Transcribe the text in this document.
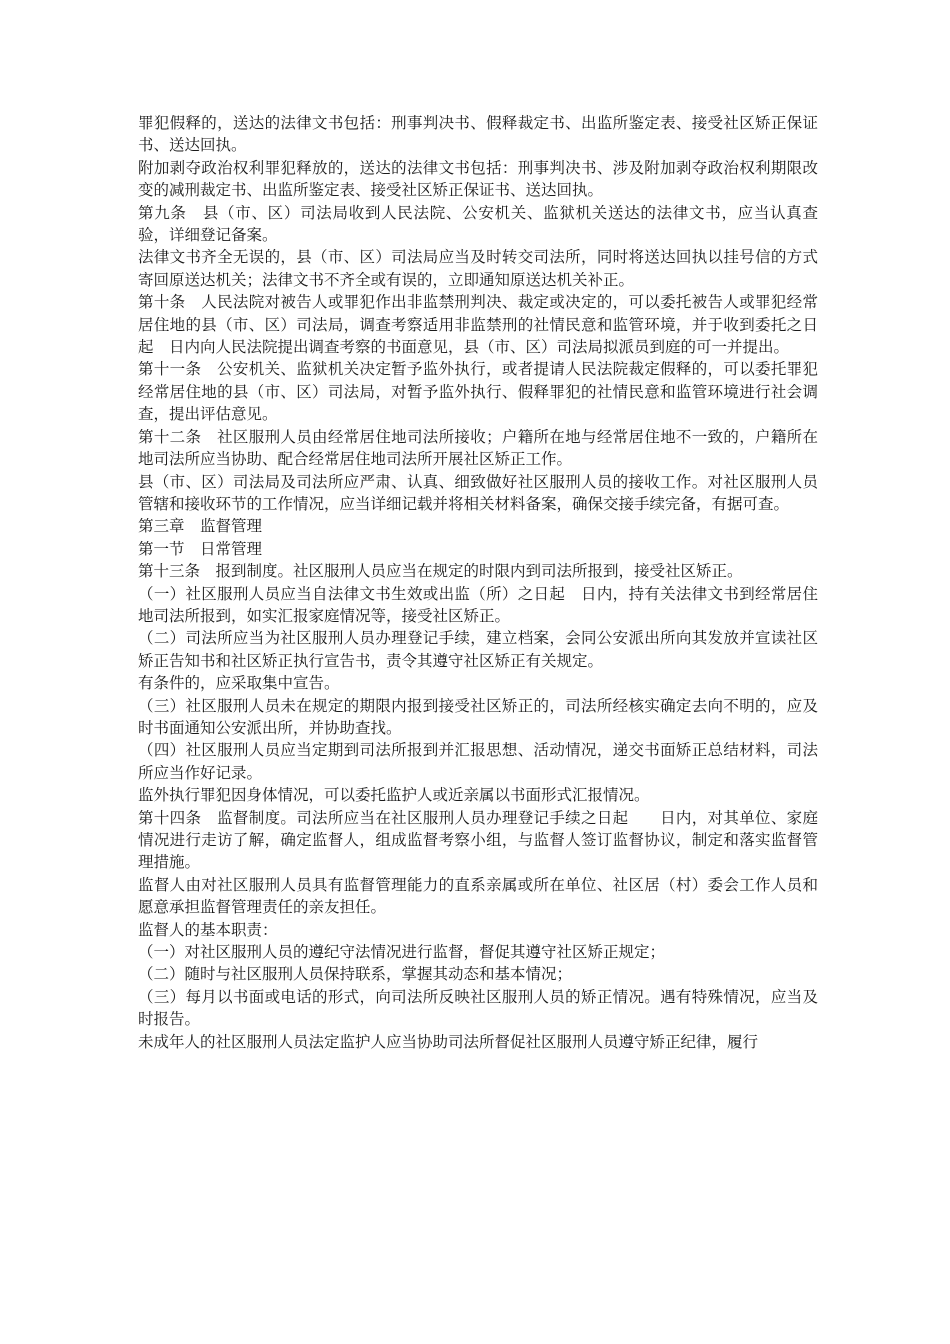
罪犯假释的，送达的法律文书包括：刑事判决书、假释裁定书、出监所鉴定表、接受社区矫正保证书、送达回执。

附加剥夺政治权利罪犯释放的，送达的法律文书包括：刑事判决书、涉及附加剥夺政治权利期限改变的减刑裁定书、出监所鉴定表、接受社区矫正保证书、送达回执。

第九条　县（市、区）司法局收到人民法院、公安机关、监狱机关送达的法律文书，应当认真查验，详细登记备案。

法律文书齐全无误的，县（市、区）司法局应当及时转交司法所，同时将送达回执以挂号信的方式寄回原送达机关；法律文书不齐全或有误的，立即通知原送达机关补正。

第十条　人民法院对被告人或罪犯作出非监禁刑判决、裁定或决定的，可以委托被告人或罪犯经常居住地的县（市、区）司法局，调查考察适用非监禁刑的社情民意和监管环境，并于收到委托之日起　日内向人民法院提出调查考察的书面意见，县（市、区）司法局拟派员到庭的可一并提出。

第十一条　公安机关、监狱机关决定暂予监外执行，或者提请人民法院裁定假释的，可以委托罪犯经常居住地的县（市、区）司法局，对暂予监外执行、假释罪犯的社情民意和监管环境进行社会调查，提出评估意见。

第十二条　社区服刑人员由经常居住地司法所接收；户籍所在地与经常居住地不一致的，户籍所在地司法所应当协助、配合经常居住地司法所开展社区矫正工作。

县（市、区）司法局及司法所应严肃、认真、细致做好社区服刑人员的接收工作。对社区服刑人员管辖和接收环节的工作情况，应当详细记载并将相关材料备案，确保交接手续完备，有据可查。

第三章　监督管理

第一节　日常管理

第十三条　报到制度。社区服刑人员应当在规定的时限内到司法所报到，接受社区矫正。

（一）社区服刑人员应当自法律文书生效或出监（所）之日起　日内，持有关法律文书到经常居住地司法所报到，如实汇报家庭情况等，接受社区矫正。

（二）司法所应当为社区服刑人员办理登记手续，建立档案，会同公安派出所向其发放并宣读社区矫正告知书和社区矫正执行宣告书，责令其遵守社区矫正有关规定。

有条件的，应采取集中宣告。

（三）社区服刑人员未在规定的期限内报到接受社区矫正的，司法所经核实确定去向不明的，应及时书面通知公安派出所，并协助查找。

（四）社区服刑人员应当定期到司法所报到并汇报思想、活动情况，递交书面矫正总结材料，司法所应当作好记录。

监外执行罪犯因身体情况，可以委托监护人或近亲属以书面形式汇报情况。

第十四条　监督制度。司法所应当在社区服刑人员办理登记手续之日起　　日内，对其单位、家庭情况进行走访了解，确定监督人，组成监督考察小组，与监督人签订监督协议，制定和落实监督管理措施。

监督人由对社区服刑人员具有监督管理能力的直系亲属或所在单位、社区居（村）委会工作人员和愿意承担监督管理责任的亲友担任。

监督人的基本职责：

（一）对社区服刑人员的遵纪守法情况进行监督，督促其遵守社区矫正规定；

（二）随时与社区服刑人员保持联系，掌握其动态和基本情况；

（三）每月以书面或电话的形式，向司法所反映社区服刑人员的矫正情况。遇有特殊情况，应当及时报告。

未成年人的社区服刑人员法定监护人应当协助司法所督促社区服刑人员遵守矫正纪律，履行
